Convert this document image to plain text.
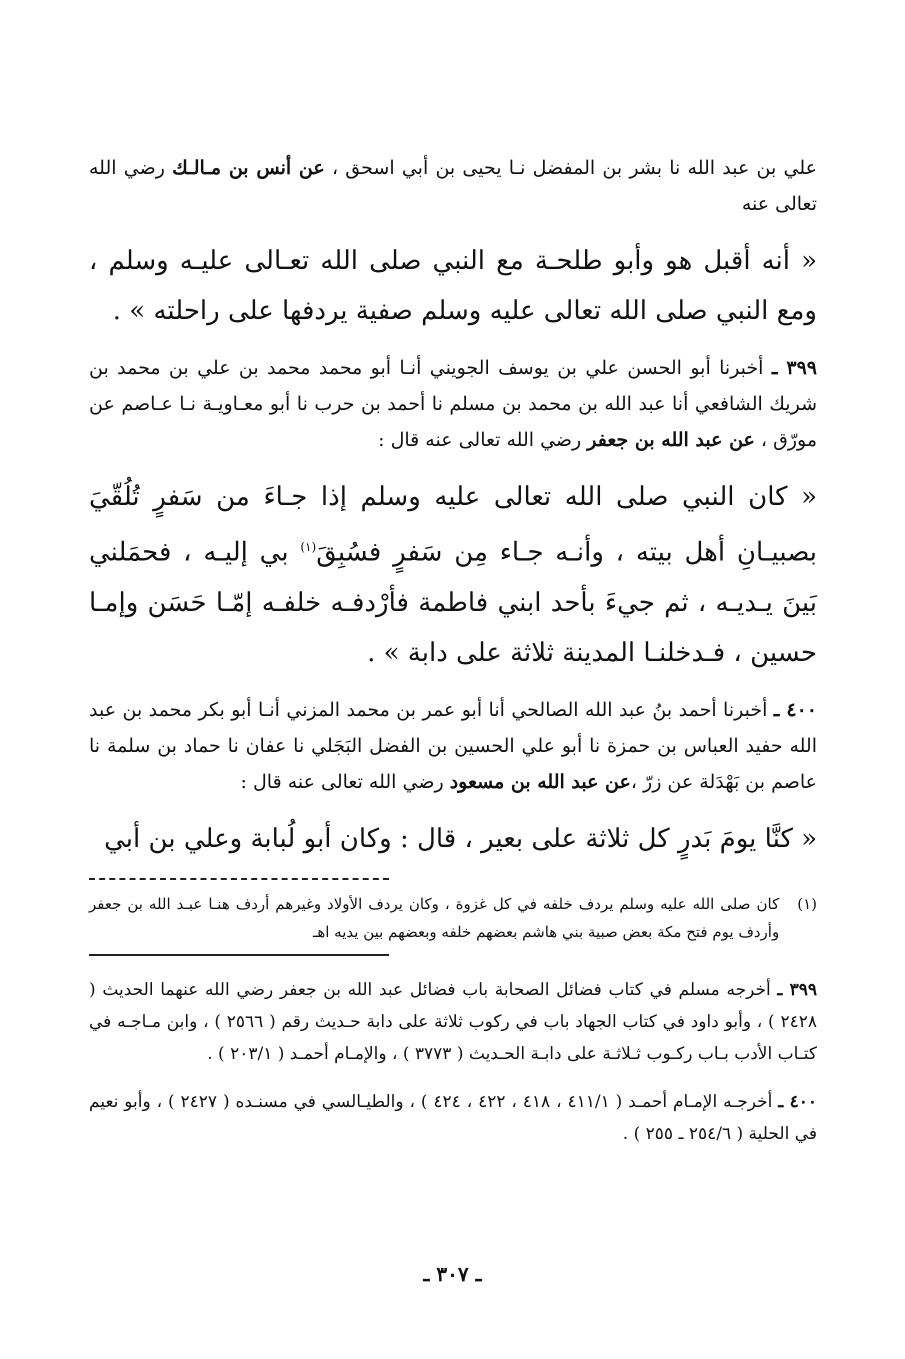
علي بن عبد الله نا بشر بن المفضل نـا يحيى بن أبي اسحق ، عن أنس بن مـالـك رضي الله تعالى عنه

« أنه أقبل هو وأبو طلحـة مع النبي صلى الله تعـالى عليـه وسلم ، ومع النبي صلى الله تعالى عليه وسلم صفية يردفها على راحلته » .

٣٩٩ ـ أخبرنا أبو الحسن علي بن يوسف الجويني أنـا أبو محمد محمد بن علي بن محمد بن شريك الشافعي أنا عبد الله بن محمد بن مسلم نا أحمد بن حرب نا أبو معـاويـة نـا عـاصم عن مورّق ، عن عبد الله بن جعفر رضي الله تعالى عنه قال :

« كان النبي صلى الله تعالى عليه وسلم إذا جـاءَ من سَفرٍ تُلُقّيَ بصبيـانِ أهل بيته ، وأنـه جـاء مِن سَفرٍ فسُبِقَ$^{(١)}$ بي إليـه ، فحمَلني بَينَ يـديـه ، ثم جيءَ بأحد ابني فاطمة فأرْدفـه خلفـه إمّـا حَسَن وإمـا حسين ، فـدخلنـا المدينة ثلاثة على دابة » .

٤٠٠ ـ أخبرنا أحمد بنُ عبد الله الصالحي أنا أبو عمر بن محمد المزني أنـا أبو بكر محمد بن عبد الله حفيد العباس بن حمزة نا أبو علي الحسين بن الفضل البَجَلي نا عفان نا حماد بن سلمة نا عاصم بن بَهْدَلة عن زرّ ،عن عبد الله بن مسعود رضي الله تعالى عنه قال :

« كنَّا يومَ بَدرٍ كل ثلاثة على بعير ، قال : وكان أبو لُبابة وعلي بن أبي

(١)
كان صلى الله عليه وسلم يردف خلفه في كل غزوة ، وكان يردف الأولاد وغيرهم أردف هنـا عبـد الله بن جعفر وأردف يوم فتح مكة بعض صبية بني هاشم بعضهم خلفه وبعضهم بين يديه اهـ

٣٩٩ ـ أخرجه مسلم في كتاب فضائل الصحابة باب فضائل عبد الله بن جعفر رضي الله عنهما الحديث ( ٢٤٢٨ ) ، وأبو داود في كتاب الجهاد باب في ركوب ثلاثة على دابة حـديث رقم ( ٢٥٦٦ ) ، وابن مـاجـه في كتـاب الأدب بـاب ركـوب ثـلاثـة على دابـة الحـديث ( ٣٧٧٣ ) ، والإمـام أحمـد ( ٢٠٣/١ ) .

٤٠٠ ـ أخرجـه الإمـام أحمـد ( ٤١١/١ ، ٤١٨ ، ٤٢٢ ، ٤٢٤ ) ، والطيـالسي في مسنـده ( ٢٤٢٧ ) ، وأبو نعيم في الحلية ( ٢٥٤/٦ ـ ٢٥٥ ) .

ـ ٣٠٧ ـ
